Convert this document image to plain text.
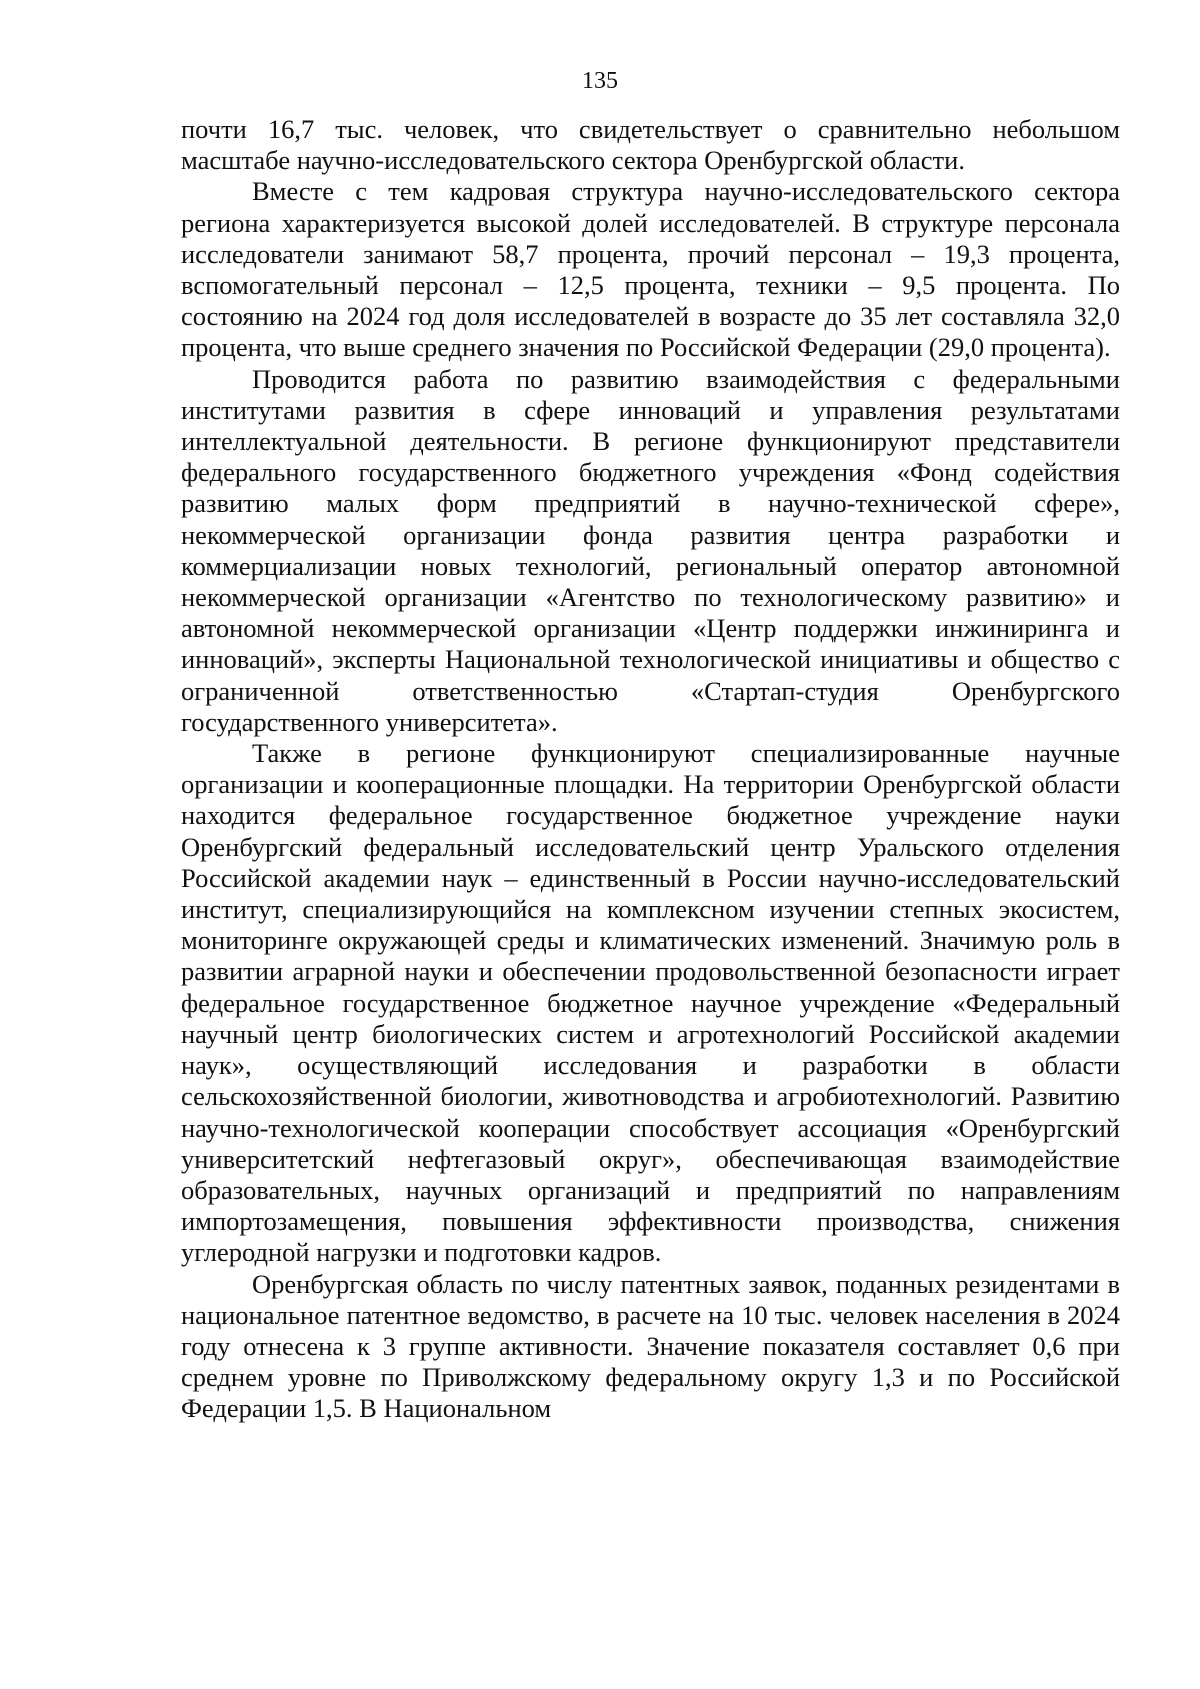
135

почти 16,7 тыс. человек, что свидетельствует о сравнительно небольшом масштабе научно-исследовательского сектора Оренбургской области.

Вместе с тем кадровая структура научно-исследовательского сектора региона характеризуется высокой долей исследователей. В структуре персонала исследователи занимают 58,7 процента, прочий персонал – 19,3 процента, вспомогательный персонал – 12,5 процента, техники – 9,5 процента. По состоянию на 2024 год доля исследователей в возрасте до 35 лет составляла 32,0 процента, что выше среднего значения по Российской Федерации (29,0 процента).

Проводится работа по развитию взаимодействия с федеральными институтами развития в сфере инноваций и управления результатами интеллектуальной деятельности. В регионе функционируют представители федерального государственного бюджетного учреждения «Фонд содействия развитию малых форм предприятий в научно-технической сфере», некоммерческой организации фонда развития центра разработки и коммерциализации новых технологий, региональный оператор автономной некоммерческой организации «Агентство по технологическому развитию» и автономной некоммерческой организации «Центр поддержки инжиниринга и инноваций», эксперты Национальной технологической инициативы и общество с ограниченной ответственностью «Стартап-студия Оренбургского государственного университета».

Также в регионе функционируют специализированные научные организации и кооперационные площадки. На территории Оренбургской области находится федеральное государственное бюджетное учреждение науки Оренбургский федеральный исследовательский центр Уральского отделения Российской академии наук – единственный в России научно-исследовательский институт, специализирующийся на комплексном изучении степных экосистем, мониторинге окружающей среды и климатических изменений. Значимую роль в развитии аграрной науки и обеспечении продовольственной безопасности играет федеральное государственное бюджетное научное учреждение «Федеральный научный центр биологических систем и агротехнологий Российской академии наук», осуществляющий исследования и разработки в области сельскохозяйственной биологии, животноводства и агробиотехнологий. Развитию научно-технологической кооперации способствует ассоциация «Оренбургский университетский нефтегазовый округ», обеспечивающая взаимодействие образовательных, научных организаций и предприятий по направлениям импортозамещения, повышения эффективности производства, снижения углеродной нагрузки и подготовки кадров.

Оренбургская область по числу патентных заявок, поданных резидентами в национальное патентное ведомство, в расчете на 10 тыс. человек населения в 2024 году отнесена к 3 группе активности. Значение показателя составляет 0,6 при среднем уровне по Приволжскому федеральному округу 1,3 и по Российской Федерации 1,5. В Национальном
